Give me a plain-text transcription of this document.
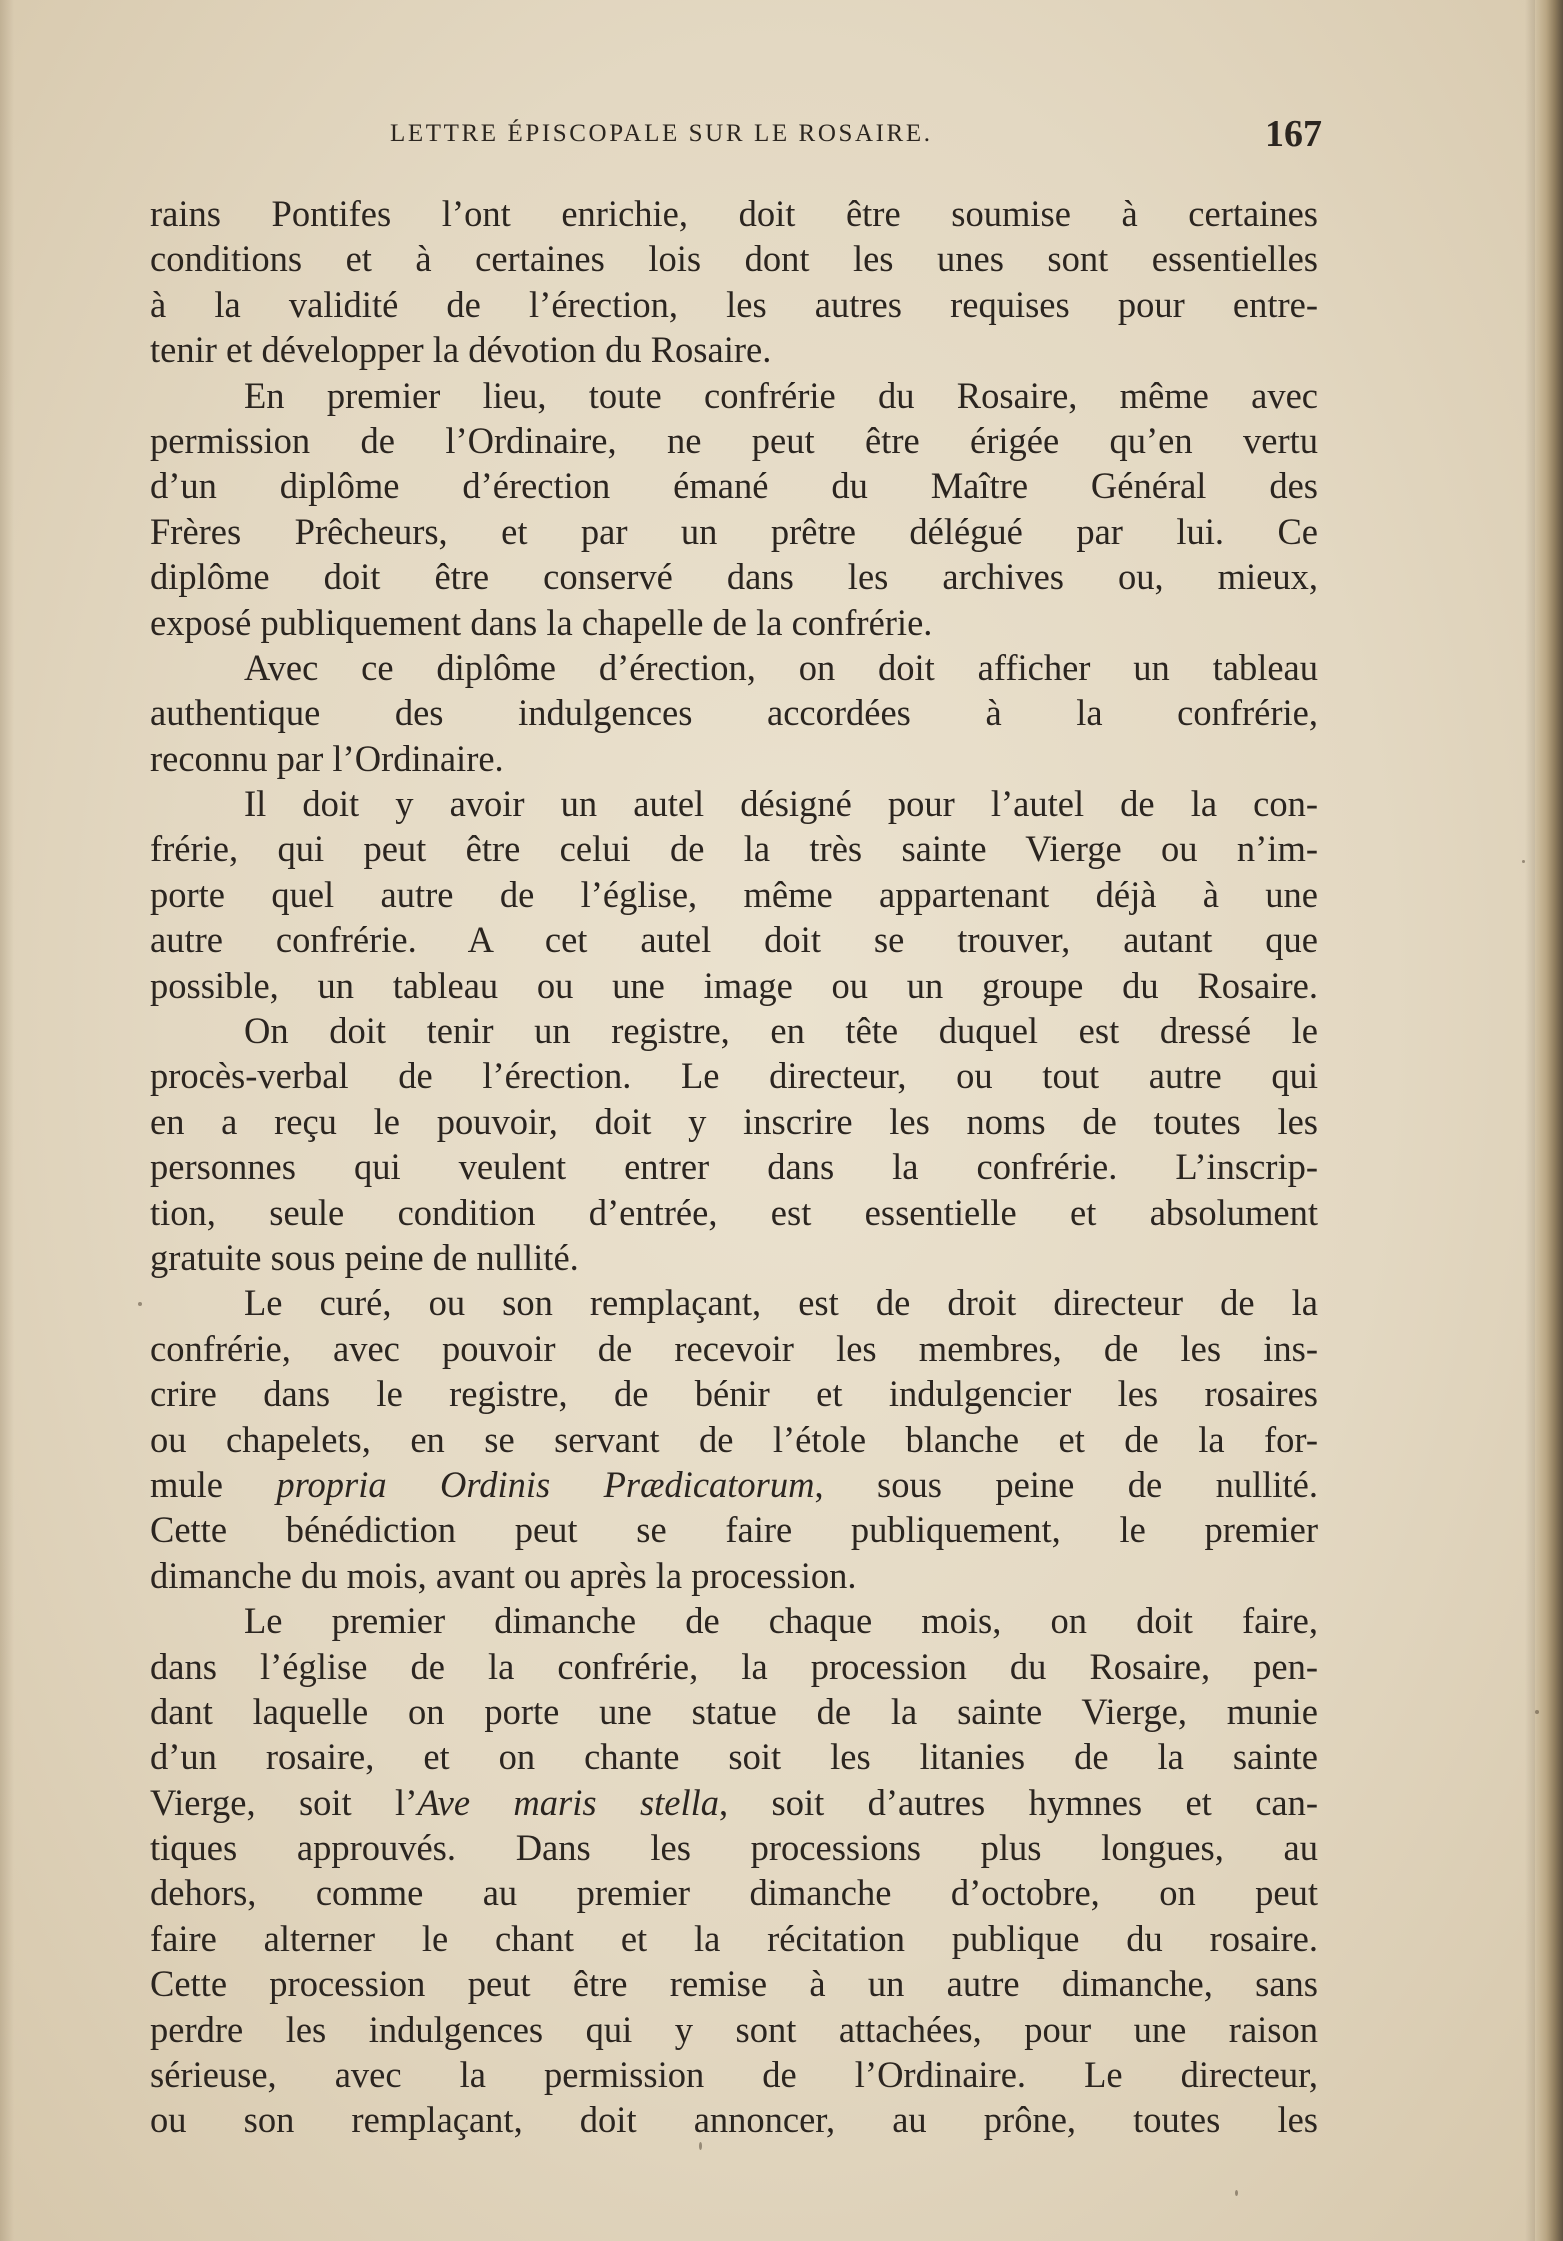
LETTRE ÉPISCOPALE SUR LE ROSAIRE.	167
rains Pontifes l’ont enrichie, doit être soumise à certaines
conditions et à certaines lois dont les unes sont essentielles
à la validité de l’érection, les autres requises pour entre-
tenir et développer la dévotion du Rosaire.
En premier lieu, toute confrérie du Rosaire, même avec
permission de l’Ordinaire, ne peut être érigée qu’en vertu
d’un diplôme d’érection émané du Maître Général des
Frères Prêcheurs, et par un prêtre délégué par lui. Ce
diplôme doit être conservé dans les archives ou, mieux,
exposé publiquement dans la chapelle de la confrérie.
Avec ce diplôme d’érection, on doit afficher un tableau
authentique des indulgences accordées à la confrérie,
reconnu par l’Ordinaire.
Il doit y avoir un autel désigné pour l’autel de la con-
frérie, qui peut être celui de la très sainte Vierge ou n’im-
porte quel autre de l’église, même appartenant déjà à une
autre confrérie. A cet autel doit se trouver, autant que
possible, un tableau ou une image ou un groupe du Rosaire.
On doit tenir un registre, en tête duquel est dressé le
procès-verbal de l’érection. Le directeur, ou tout autre qui
en a reçu le pouvoir, doit y inscrire les noms de toutes les
personnes qui veulent entrer dans la confrérie. L’inscrip-
tion, seule condition d’entrée, est essentielle et absolument
gratuite sous peine de nullité.
Le curé, ou son remplaçant, est de droit directeur de la
confrérie, avec pouvoir de recevoir les membres, de les ins-
crire dans le registre, de bénir et indulgencier les rosaires
ou chapelets, en se servant de l’étole blanche et de la for-
mule propria Ordinis Prædicatorum, sous peine de nullité.
Cette bénédiction peut se faire publiquement, le premier
dimanche du mois, avant ou après la procession.
Le premier dimanche de chaque mois, on doit faire,
dans l’église de la confrérie, la procession du Rosaire, pen-
dant laquelle on porte une statue de la sainte Vierge, munie
d’un rosaire, et on chante soit les litanies de la sainte
Vierge, soit l’Ave maris stella, soit d’autres hymnes et can-
tiques approuvés. Dans les processions plus longues, au
dehors, comme au premier dimanche d’octobre, on peut
faire alterner le chant et la récitation publique du rosaire.
Cette procession peut être remise à un autre dimanche, sans
perdre les indulgences qui y sont attachées, pour une raison
sérieuse, avec la permission de l’Ordinaire. Le directeur,
ou son remplaçant, doit annoncer, au prône, toutes les
